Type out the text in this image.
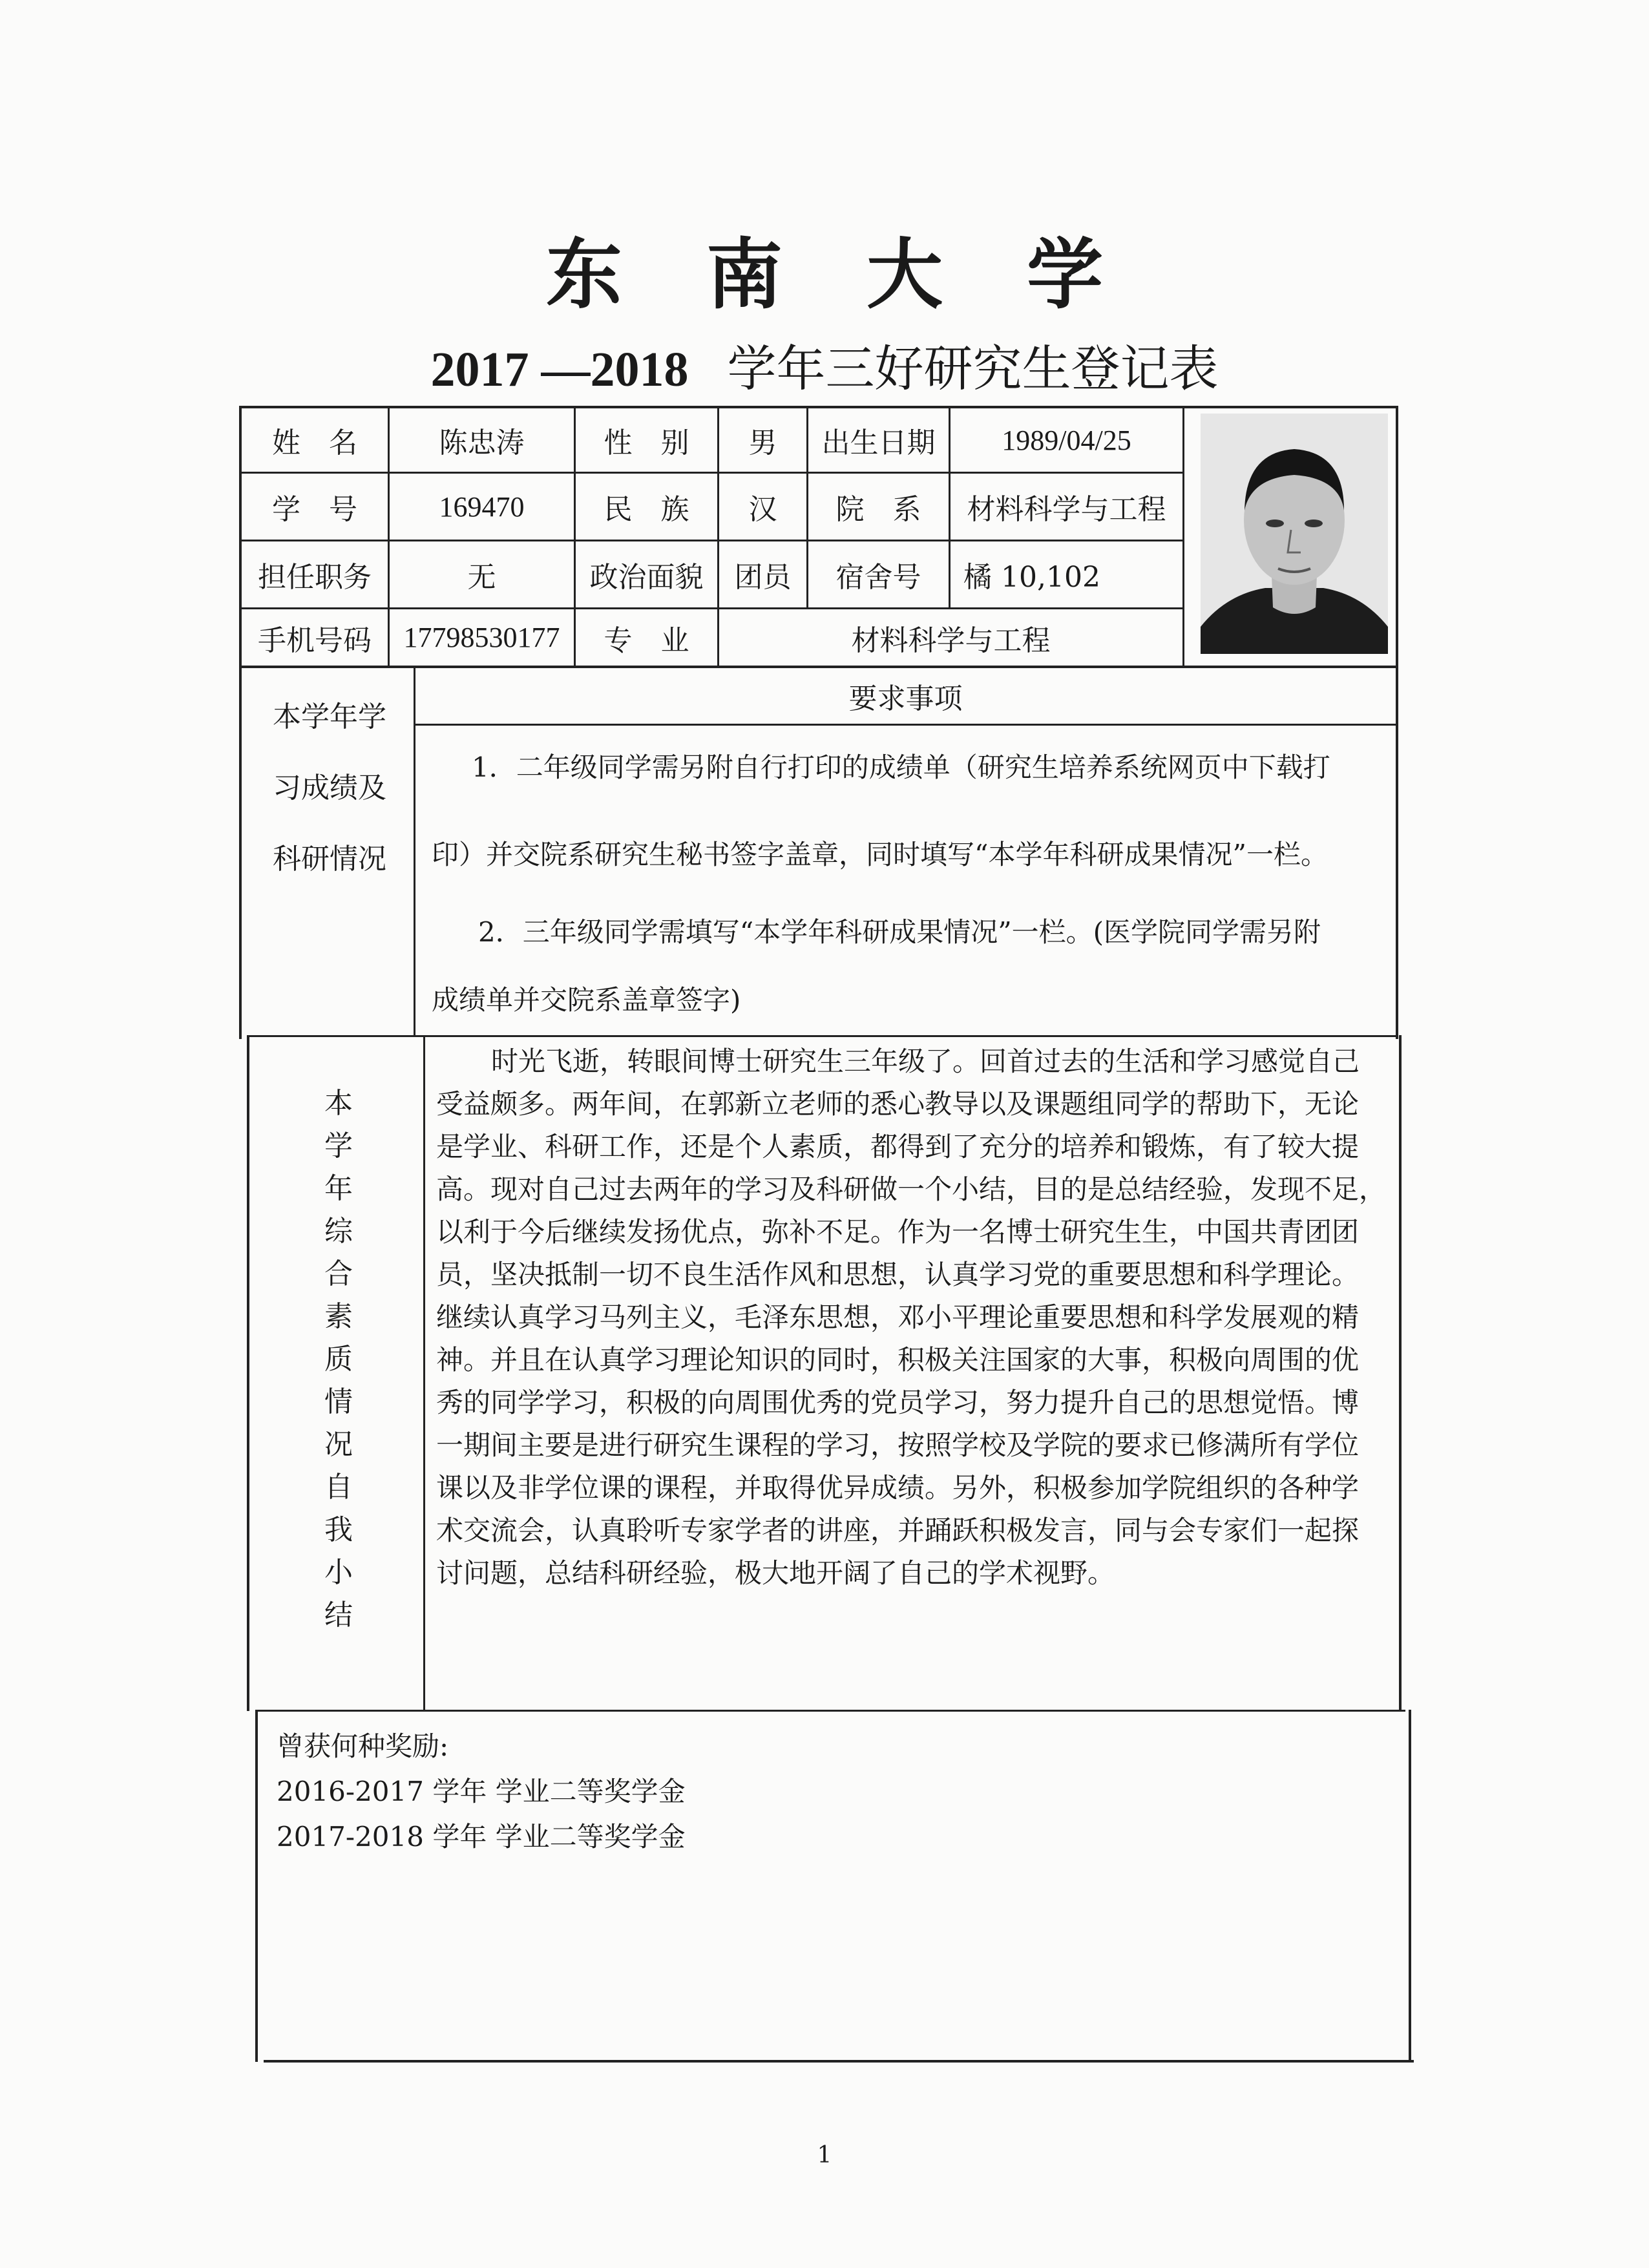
东南大学
2017 —2018 学年三好研究生登记表
姓　名	陈忠涛	性　别	男	出生日期	1989/04/25
学　号	169470	民　族	汉	院　系	材料科学与工程
担任职务	无	政治面貌	团员	宿舍号	橘 10,102
手机号码	17798530177	专　业	材料科学与工程
本学年学
习成绩及
科研情况
要求事项
1．二年级同学需另附自行打印的成绩单（研究生培养系统网页中下载打
印）并交院系研究生秘书签字盖章，同时填写“本学年科研成果情况”一栏。
2．三年级同学需填写“本学年科研成果情况”一栏。(医学院同学需另附
成绩单并交院系盖章签字)
本
学
年
综
合
素
质
情
况
自
我
小
结
时光飞逝，转眼间博士研究生三年级了。回首过去的生活和学习感觉自己
受益颇多。两年间，在郭新立老师的悉心教导以及课题组同学的帮助下，无论
是学业、科研工作，还是个人素质，都得到了充分的培养和锻炼，有了较大提
高。现对自己过去两年的学习及科研做一个小结，目的是总结经验，发现不足，
以利于今后继续发扬优点，弥补不足。作为一名博士研究生生，中国共青团团
员，坚决抵制一切不良生活作风和思想，认真学习党的重要思想和科学理论。
继续认真学习马列主义，毛泽东思想，邓小平理论重要思想和科学发展观的精
神。并且在认真学习理论知识的同时，积极关注国家的大事，积极向周围的优
秀的同学学习，积极的向周围优秀的党员学习，努力提升自己的思想觉悟。博
一期间主要是进行研究生课程的学习，按照学校及学院的要求已修满所有学位
课以及非学位课的课程，并取得优异成绩。另外，积极参加学院组织的各种学
术交流会，认真聆听专家学者的讲座，并踊跃积极发言，同与会专家们一起探
讨问题，总结科研经验，极大地开阔了自己的学术视野。
曾获何种奖励:
2016-2017 学年 学业二等奖学金
2017-2018 学年 学业二等奖学金
1
